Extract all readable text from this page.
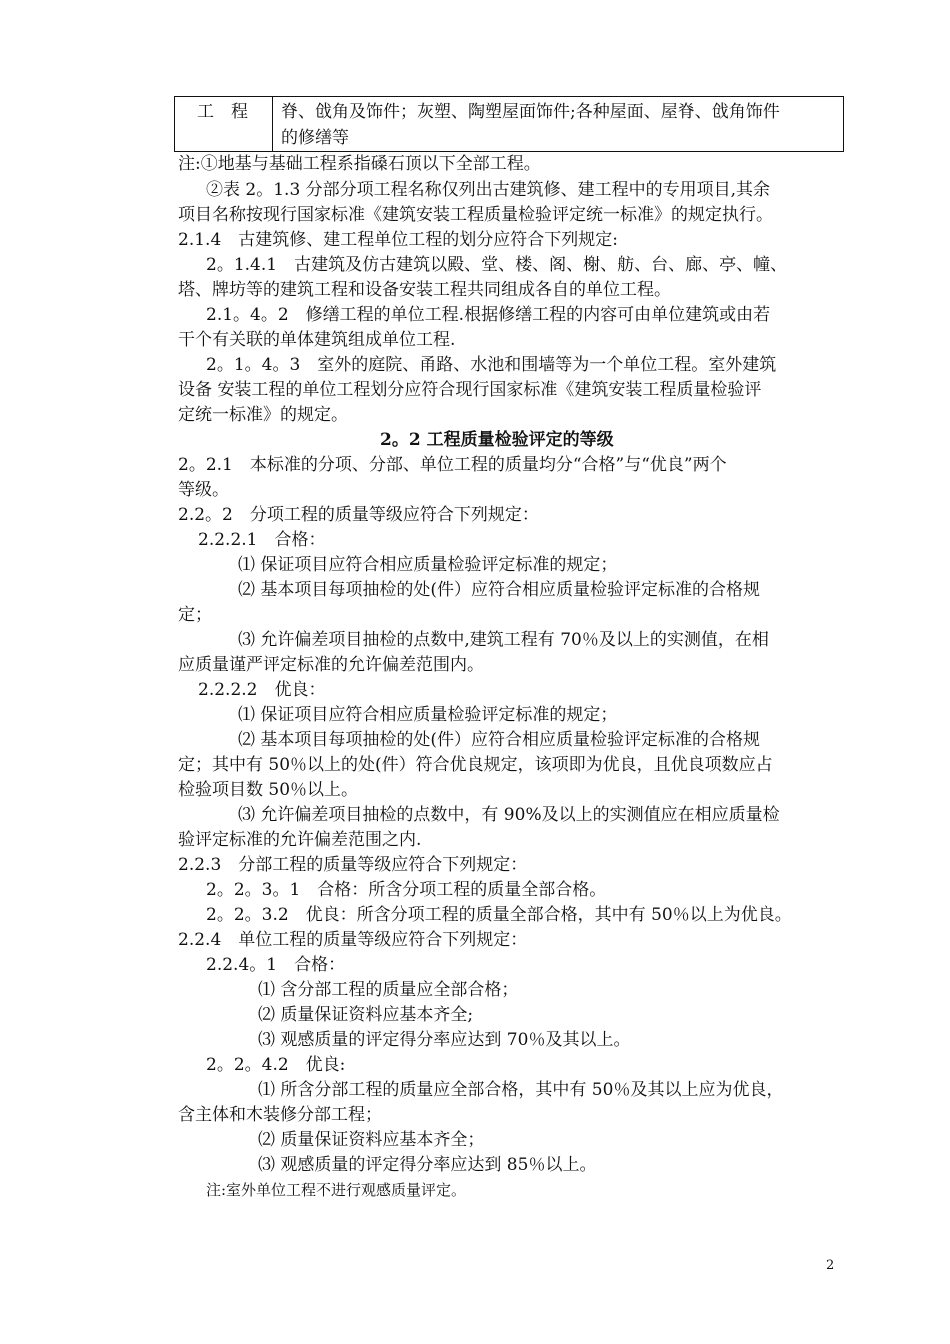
工　程	脊、戗角及饰件；灰塑、陶塑屋面饰件;各种屋面、屋脊、戗角饰件
的修缮等
注:①地基与基础工程系指磉石顶以下全部工程。
②表 2。1.3 分部分项工程名称仅列出古建筑修、建工程中的专用项目,其余
项目名称按现行国家标准《建筑安装工程质量检验评定统一标准》的规定执行。
2.1.4　古建筑修、建工程单位工程的划分应符合下列规定:
2。1.4.1　古建筑及仿古建筑以殿、堂、楼、阁、榭、舫、台、廊、亭、幢、
塔、牌坊等的建筑工程和设备安装工程共同组成各自的单位工程。
2.1。4。2　修缮工程的单位工程.根据修缮工程的内容可由单位建筑或由若
干个有关联的单体建筑组成单位工程.
2。1。4。3　室外的庭院、甬路、水池和围墙等为一个单位工程。室外建筑
设备 安装工程的单位工程划分应符合现行国家标准《建筑安装工程质量检验评
定统一标准》的规定。
2。2 工程质量检验评定的等级
2。2.1　本标准的分项、分部、单位工程的质量均分“合格”与“优良”两个
等级。
2.2。2　分项工程的质量等级应符合下列规定：
2.2.2.1　合格：
⑴ 保证项目应符合相应质量检验评定标准的规定；
⑵ 基本项目每项抽检的处(件）应符合相应质量检验评定标准的合格规
定；
⑶ 允许偏差项目抽检的点数中,建筑工程有 70％及以上的实测值，在相
应质量谨严评定标准的允许偏差范围内。
2.2.2.2　优良：
⑴ 保证项目应符合相应质量检验评定标准的规定；
⑵ 基本项目每项抽检的处(件）应符合相应质量检验评定标准的合格规
定；其中有 50％以上的处(件）符合优良规定，该项即为优良，且优良项数应占
检验项目数 50％以上。
⑶ 允许偏差项目抽检的点数中，有 90%及以上的实测值应在相应质量检
验评定标准的允许偏差范围之内.
2.2.3　分部工程的质量等级应符合下列规定：
2。2。3。1　合格：所含分项工程的质量全部合格。
2。2。3.2　优良：所含分项工程的质量全部合格，其中有 50％以上为优良。
2.2.4　单位工程的质量等级应符合下列规定：
2.2.4。1　合格：
⑴ 含分部工程的质量应全部合格；
⑵ 质量保证资料应基本齐全;
⑶ 观感质量的评定得分率应达到 70％及其以上。
2。2。4.2　优良:
⑴ 所含分部工程的质量应全部合格，其中有 50％及其以上应为优良，
含主体和木装修分部工程；
⑵ 质量保证资料应基本齐全；
⑶ 观感质量的评定得分率应达到 85％以上。
注:室外单位工程不进行观感质量评定。
2
